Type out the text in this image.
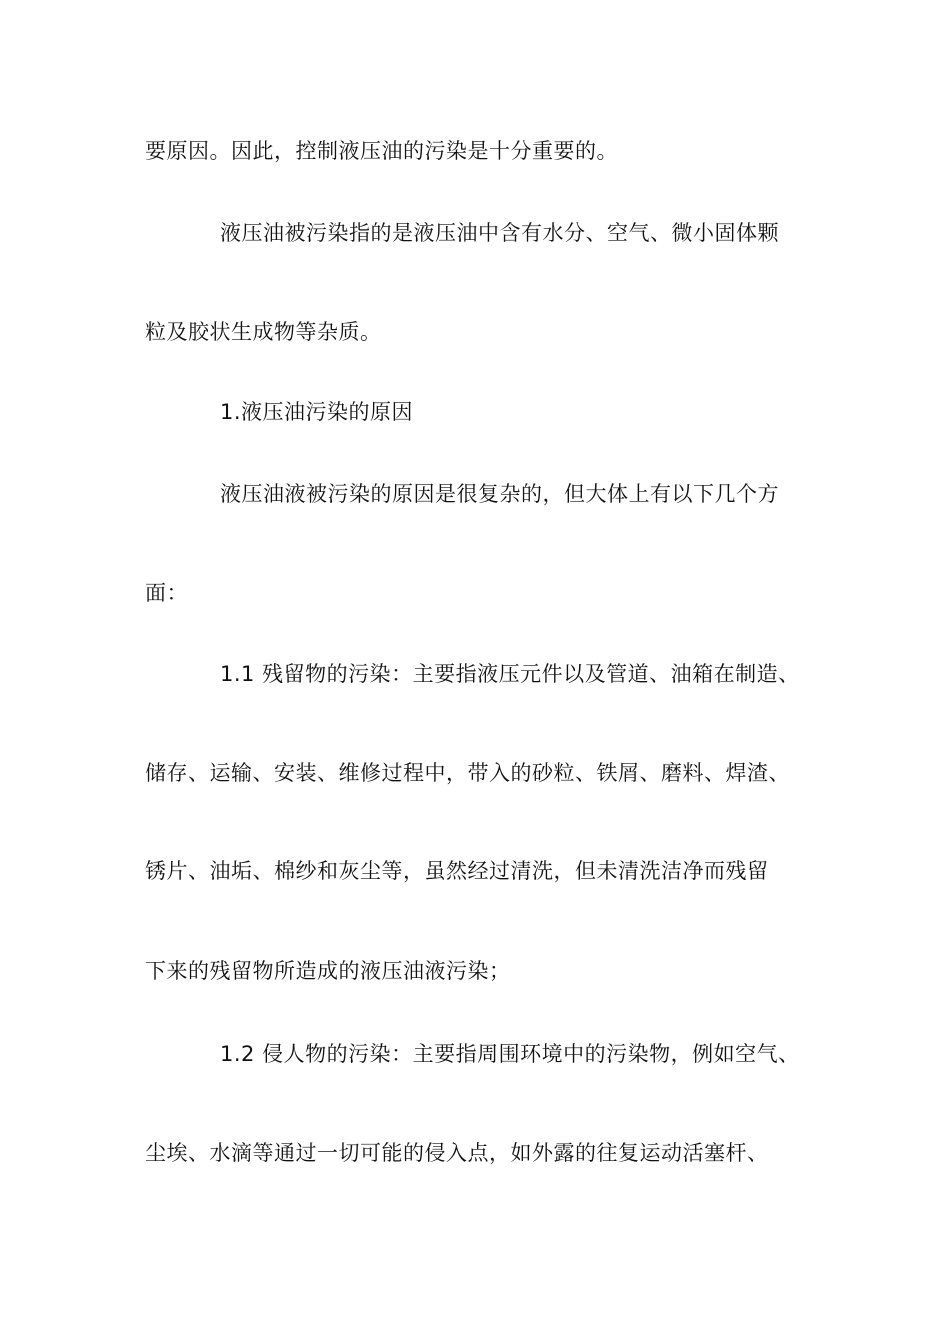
要原因。因此，控制液压油的污染是十分重要的。
液压油被污染指的是液压油中含有水分、空气、微小固体颗
粒及胶状生成物等杂质。
1.液压油污染的原因
液压油液被污染的原因是很复杂的，但大体上有以下几个方
面：
1.1 残留物的污染：主要指液压元件以及管道、油箱在制造、
储存、运输、安装、维修过程中，带入的砂粒、铁屑、磨料、焊渣、
锈片、油垢、棉纱和灰尘等，虽然经过清洗，但未清洗洁净而残留
下来的残留物所造成的液压油液污染；
1.2 侵人物的污染：主要指周围环境中的污染物，例如空气、
尘埃、水滴等通过一切可能的侵入点，如外露的往复运动活塞杆、
